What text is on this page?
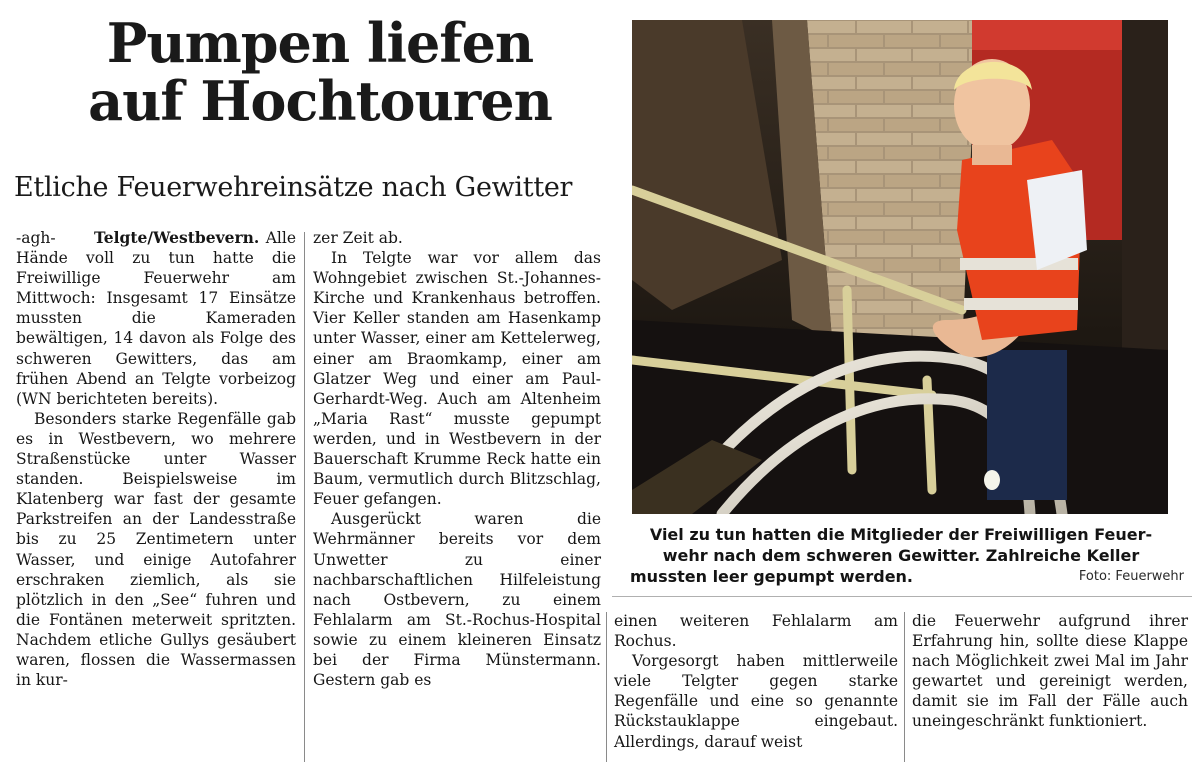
Pumpen liefen
auf Hochtouren
Etliche Feuerwehreinsätze nach Gewitter

-agh- Telgte/Westbevern. Alle Hände voll zu tun hatte die Freiwillige Feuerwehr am Mittwoch: Insgesamt 17 Einsätze mussten die Kameraden bewältigen, 14 davon als Folge des schweren Gewitters, das am frühen Abend an Telgte vorbeizog (WN berichteten bereits).

Besonders starke Regenfälle gab es in Westbevern, wo mehrere Straßenstücke unter Wasser standen. Beispielsweise im Klatenberg war fast der gesamte Parkstreifen an der Landesstraße bis zu 25 Zentimetern unter Wasser, und einige Autofahrer erschraken ziemlich, als sie plötzlich in den „See“ fuhren und die Fontänen meterweit spritzten. Nachdem etliche Gullys gesäubert waren, flossen die Wassermassen in kur-

zer Zeit ab.

In Telgte war vor allem das Wohngebiet zwischen St.-Johannes-Kirche und Krankenhaus betroffen. Vier Keller standen am Hasenkamp unter Wasser, einer am Kettelerweg, einer am Braomkamp, einer am Glatzer Weg und einer am Paul-Gerhardt-Weg. Auch am Altenheim „Maria Rast“ musste gepumpt werden, und in Westbevern in der Bauerschaft Krumme Reck hatte ein Baum, vermutlich durch Blitzschlag, Feuer gefangen.

Ausgerückt waren die Wehrmänner bereits vor dem Unwetter zu einer nachbarschaftlichen Hilfeleistung nach Ostbevern, zu einem Fehlalarm am St.-Rochus-Hospital sowie zu einem kleineren Einsatz bei der Firma Münstermann. Gestern gab es

Viel zu tun hatten die Mitglieder der Freiwilligen Feuer-
wehr nach dem schweren Gewitter. Zahlreiche Keller
mussten leer gepumpt werden.	Foto: Feuerwehr

einen weiteren Fehlalarm am Rochus.

Vorgesorgt haben mittlerweile viele Telgter gegen starke Regenfälle und eine so genannte Rückstauklappe eingebaut. Allerdings, darauf weist

die Feuerwehr aufgrund ihrer Erfahrung hin, sollte diese Klappe nach Möglichkeit zwei Mal im Jahr gewartet und gereinigt werden, damit sie im Fall der Fälle auch uneingeschränkt funktioniert.
